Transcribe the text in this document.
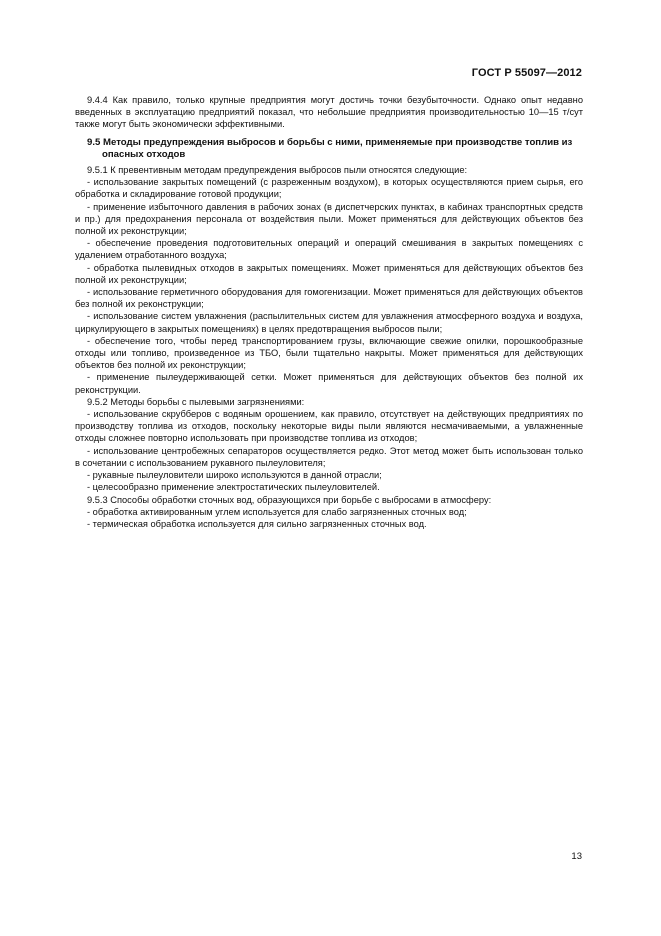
ГОСТ Р 55097—2012

9.4.4 Как правило, только крупные предприятия могут достичь точки безубыточности. Однако опыт недавно введенных в эксплуатацию предприятий показал, что небольшие предприятия производительностью 10—15 т/сут также могут быть экономически эффективными.

9.5 Методы предупреждения выбросов и борьбы с ними, применяемые при производстве топлив из опасных отходов

9.5.1 К превентивным методам предупреждения выбросов пыли относятся следующие:

- использование закрытых помещений (с разреженным воздухом), в которых осуществляются прием сырья, его обработка и складирование готовой продукции;

- применение избыточного давления в рабочих зонах (в диспетчерских пунктах, в кабинах транспортных средств и пр.) для предохранения персонала от воздействия пыли. Может применяться для действующих объектов без полной их реконструкции;

- обеспечение проведения подготовительных операций и операций смешивания в закрытых помещениях с удалением отработанного воздуха;

- обработка пылевидных отходов в закрытых помещениях. Может применяться для действующих объектов без полной их реконструкции;

- использование герметичного оборудования для гомогенизации. Может применяться для действующих объектов без полной их реконструкции;

- использование систем увлажнения (распылительных систем для увлажнения атмосферного воздуха и воздуха, циркулирующего в закрытых помещениях) в целях предотвращения выбросов пыли;

- обеспечение того, чтобы перед транспортированием грузы, включающие свежие опилки, порошкообразные отходы или топливо, произведенное из ТБО, были тщательно накрыты. Может применяться для действующих объектов без полной их реконструкции;

- применение пылеудерживающей сетки. Может применяться для действующих объектов без полной их реконструкции.

9.5.2 Методы борьбы с пылевыми загрязнениями:

- использование скрубберов с водяным орошением, как правило, отсутствует на действующих предприятиях по производству топлива из отходов, поскольку некоторые виды пыли являются несмачиваемыми, а увлажненные отходы сложнее повторно использовать при производстве топлива из отходов;

- использование центробежных сепараторов осуществляется редко. Этот метод может быть использован только в сочетании с использованием рукавного пылеуловителя;

- рукавные пылеуловители широко используются в данной отрасли;

- целесообразно применение электростатических пылеуловителей.

9.5.3 Способы обработки сточных вод, образующихся при борьбе с выбросами в атмосферу:

- обработка активированным углем используется для слабо загрязненных сточных вод;

- термическая обработка используется для сильно загрязненных сточных вод.

13
